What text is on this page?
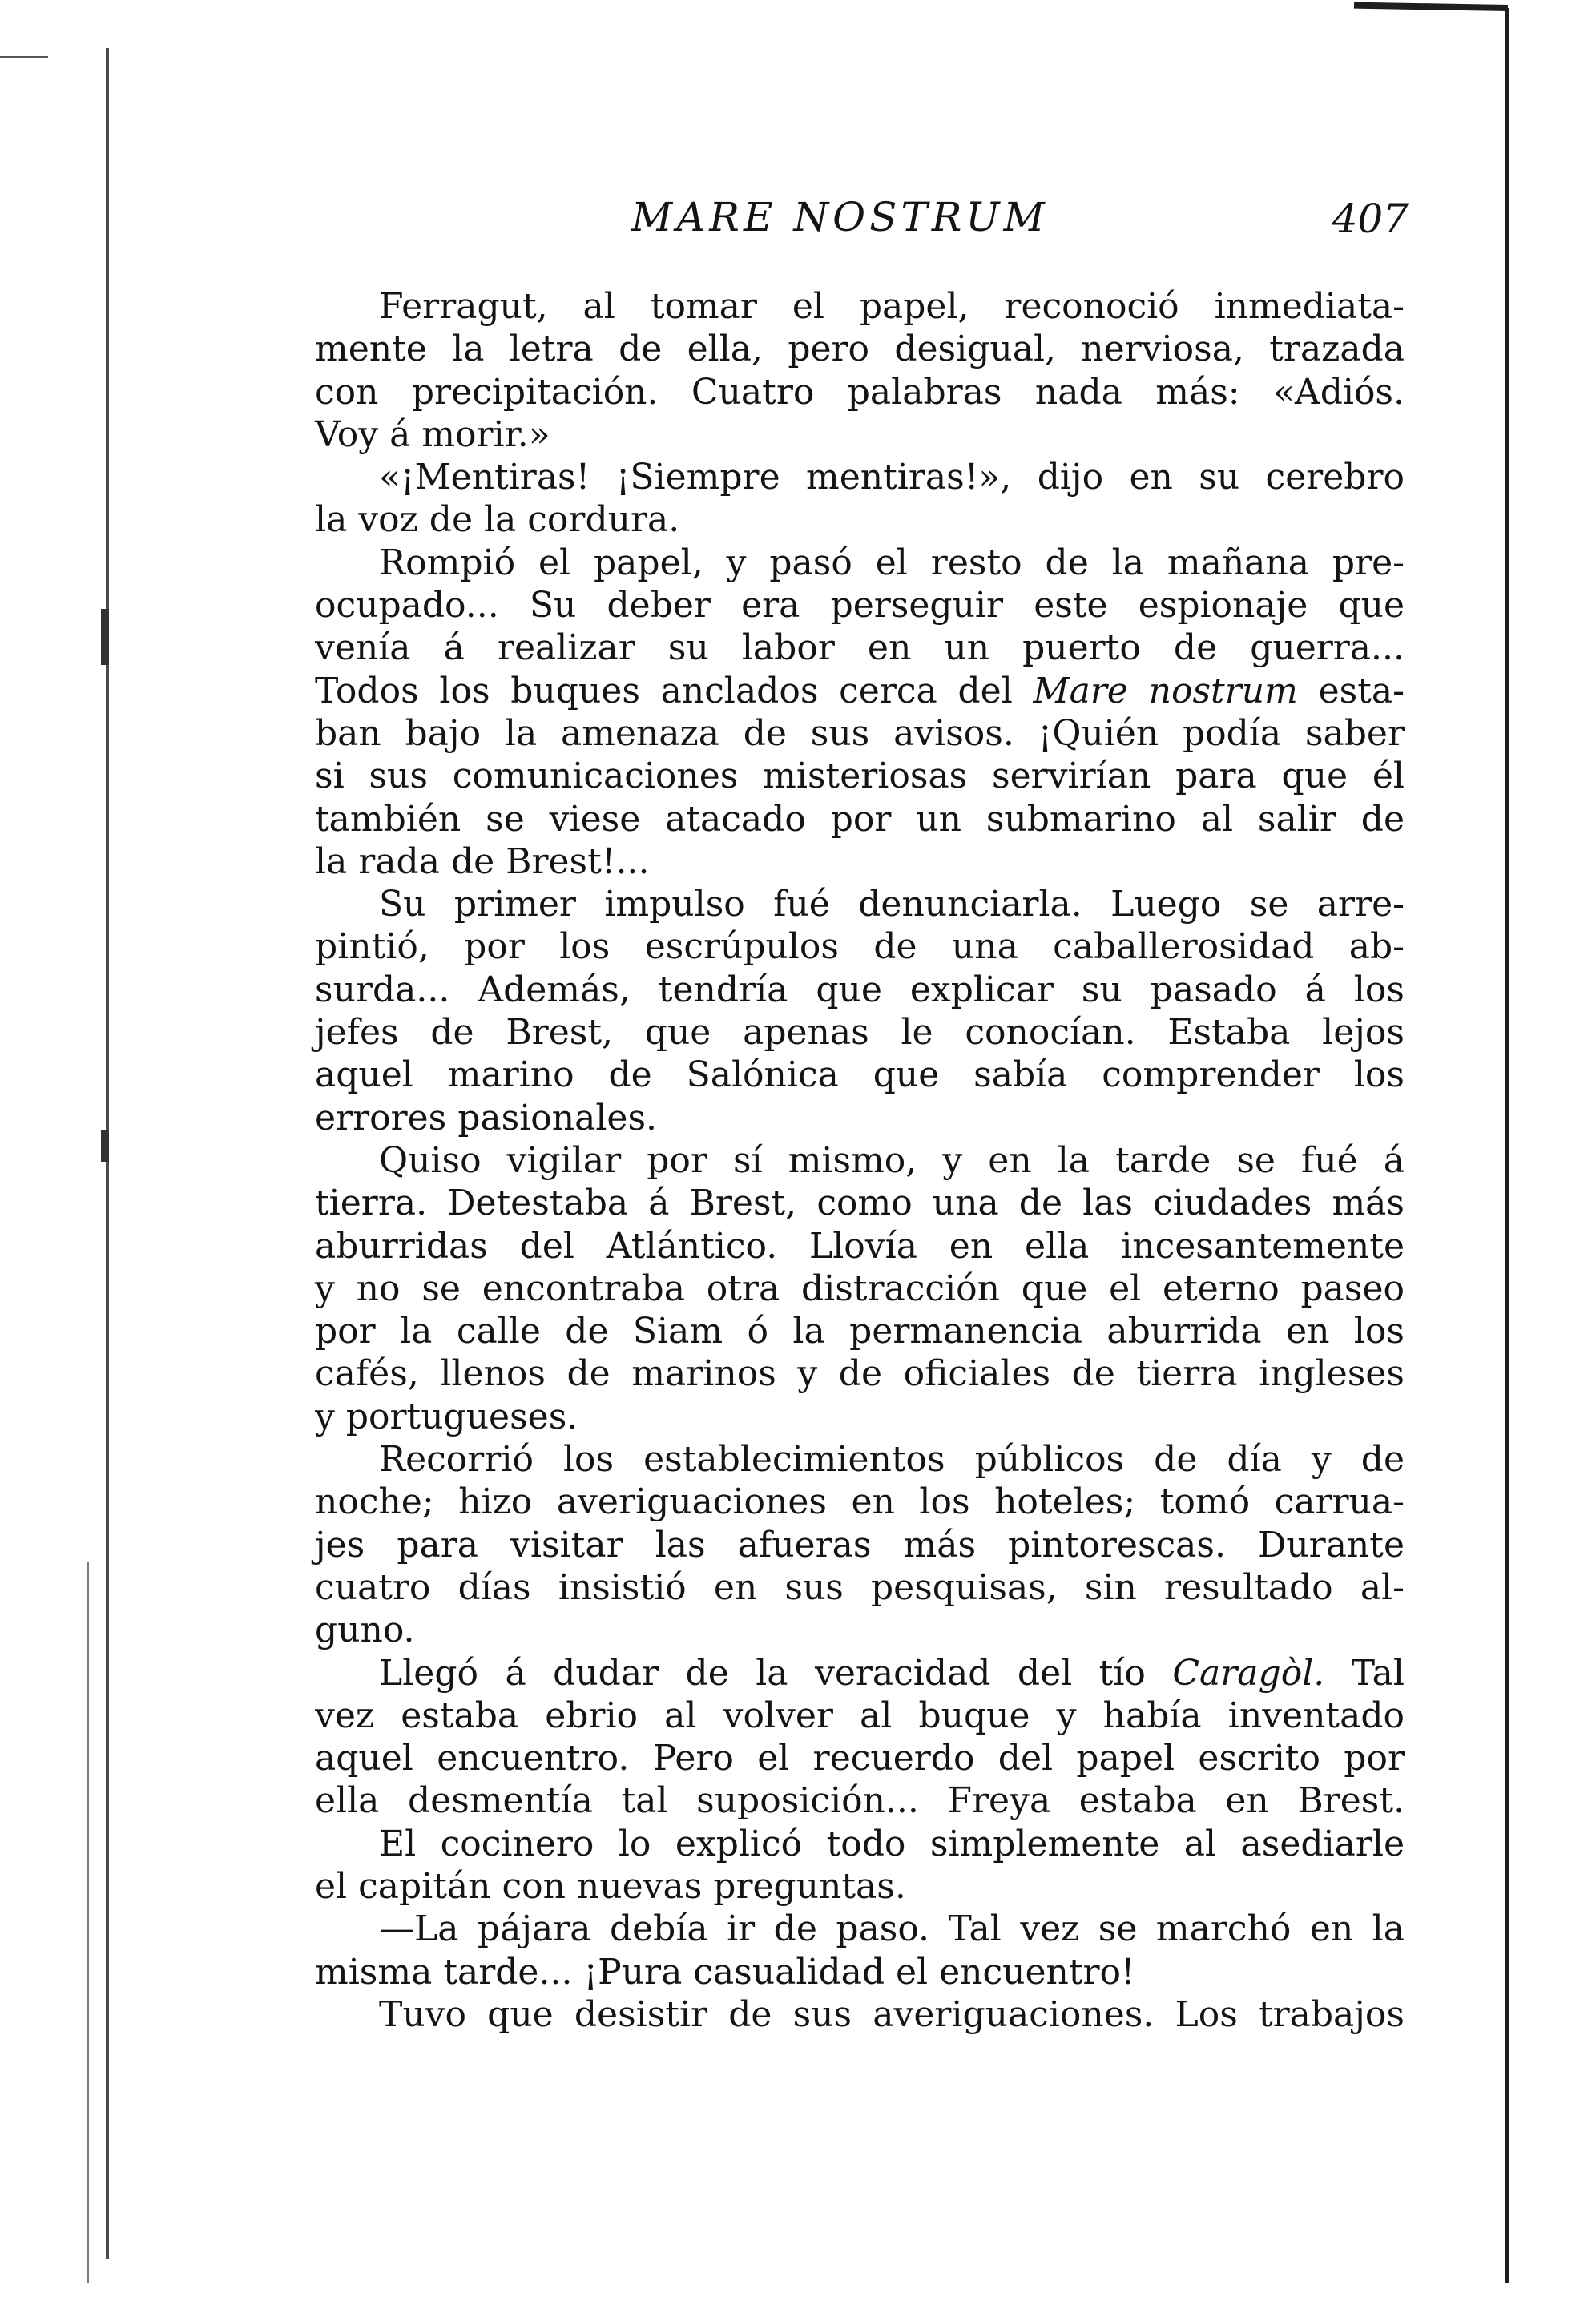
MARE NOSTRUM	407
Ferragut, al tomar el papel, reconoció inmediata-
mente la letra de ella, pero desigual, nerviosa, trazada
con precipitación. Cuatro palabras nada más: «Adiós.
Voy á morir.»
«¡Mentiras! ¡Siempre mentiras!», dijo en su cerebro
la voz de la cordura.
Rompió el papel, y pasó el resto de la mañana pre-
ocupado... Su deber era perseguir este espionaje que
venía á realizar su labor en un puerto de guerra...
Todos los buques anclados cerca del Mare nostrum esta-
ban bajo la amenaza de sus avisos. ¡Quién podía saber
si sus comunicaciones misteriosas servirían para que él
también se viese atacado por un submarino al salir de
la rada de Brest!...
Su primer impulso fué denunciarla. Luego se arre-
pintió, por los escrúpulos de una caballerosidad ab-
surda... Además, tendría que explicar su pasado á los
jefes de Brest, que apenas le conocían. Estaba lejos
aquel marino de Salónica que sabía comprender los
errores pasionales.
Quiso vigilar por sí mismo, y en la tarde se fué á
tierra. Detestaba á Brest, como una de las ciudades más
aburridas del Atlántico. Llovía en ella incesantemente
y no se encontraba otra distracción que el eterno paseo
por la calle de Siam ó la permanencia aburrida en los
cafés, llenos de marinos y de oficiales de tierra ingleses
y portugueses.
Recorrió los establecimientos públicos de día y de
noche; hizo averiguaciones en los hoteles; tomó carrua-
jes para visitar las afueras más pintorescas. Durante
cuatro días insistió en sus pesquisas, sin resultado al-
guno.
Llegó á dudar de la veracidad del tío Caragòl. Tal
vez estaba ebrio al volver al buque y había inventado
aquel encuentro. Pero el recuerdo del papel escrito por
ella desmentía tal suposición... Freya estaba en Brest.
El cocinero lo explicó todo simplemente al asediarle
el capitán con nuevas preguntas.
—La pájara debía ir de paso. Tal vez se marchó en la
misma tarde... ¡Pura casualidad el encuentro!
Tuvo que desistir de sus averiguaciones. Los trabajos
